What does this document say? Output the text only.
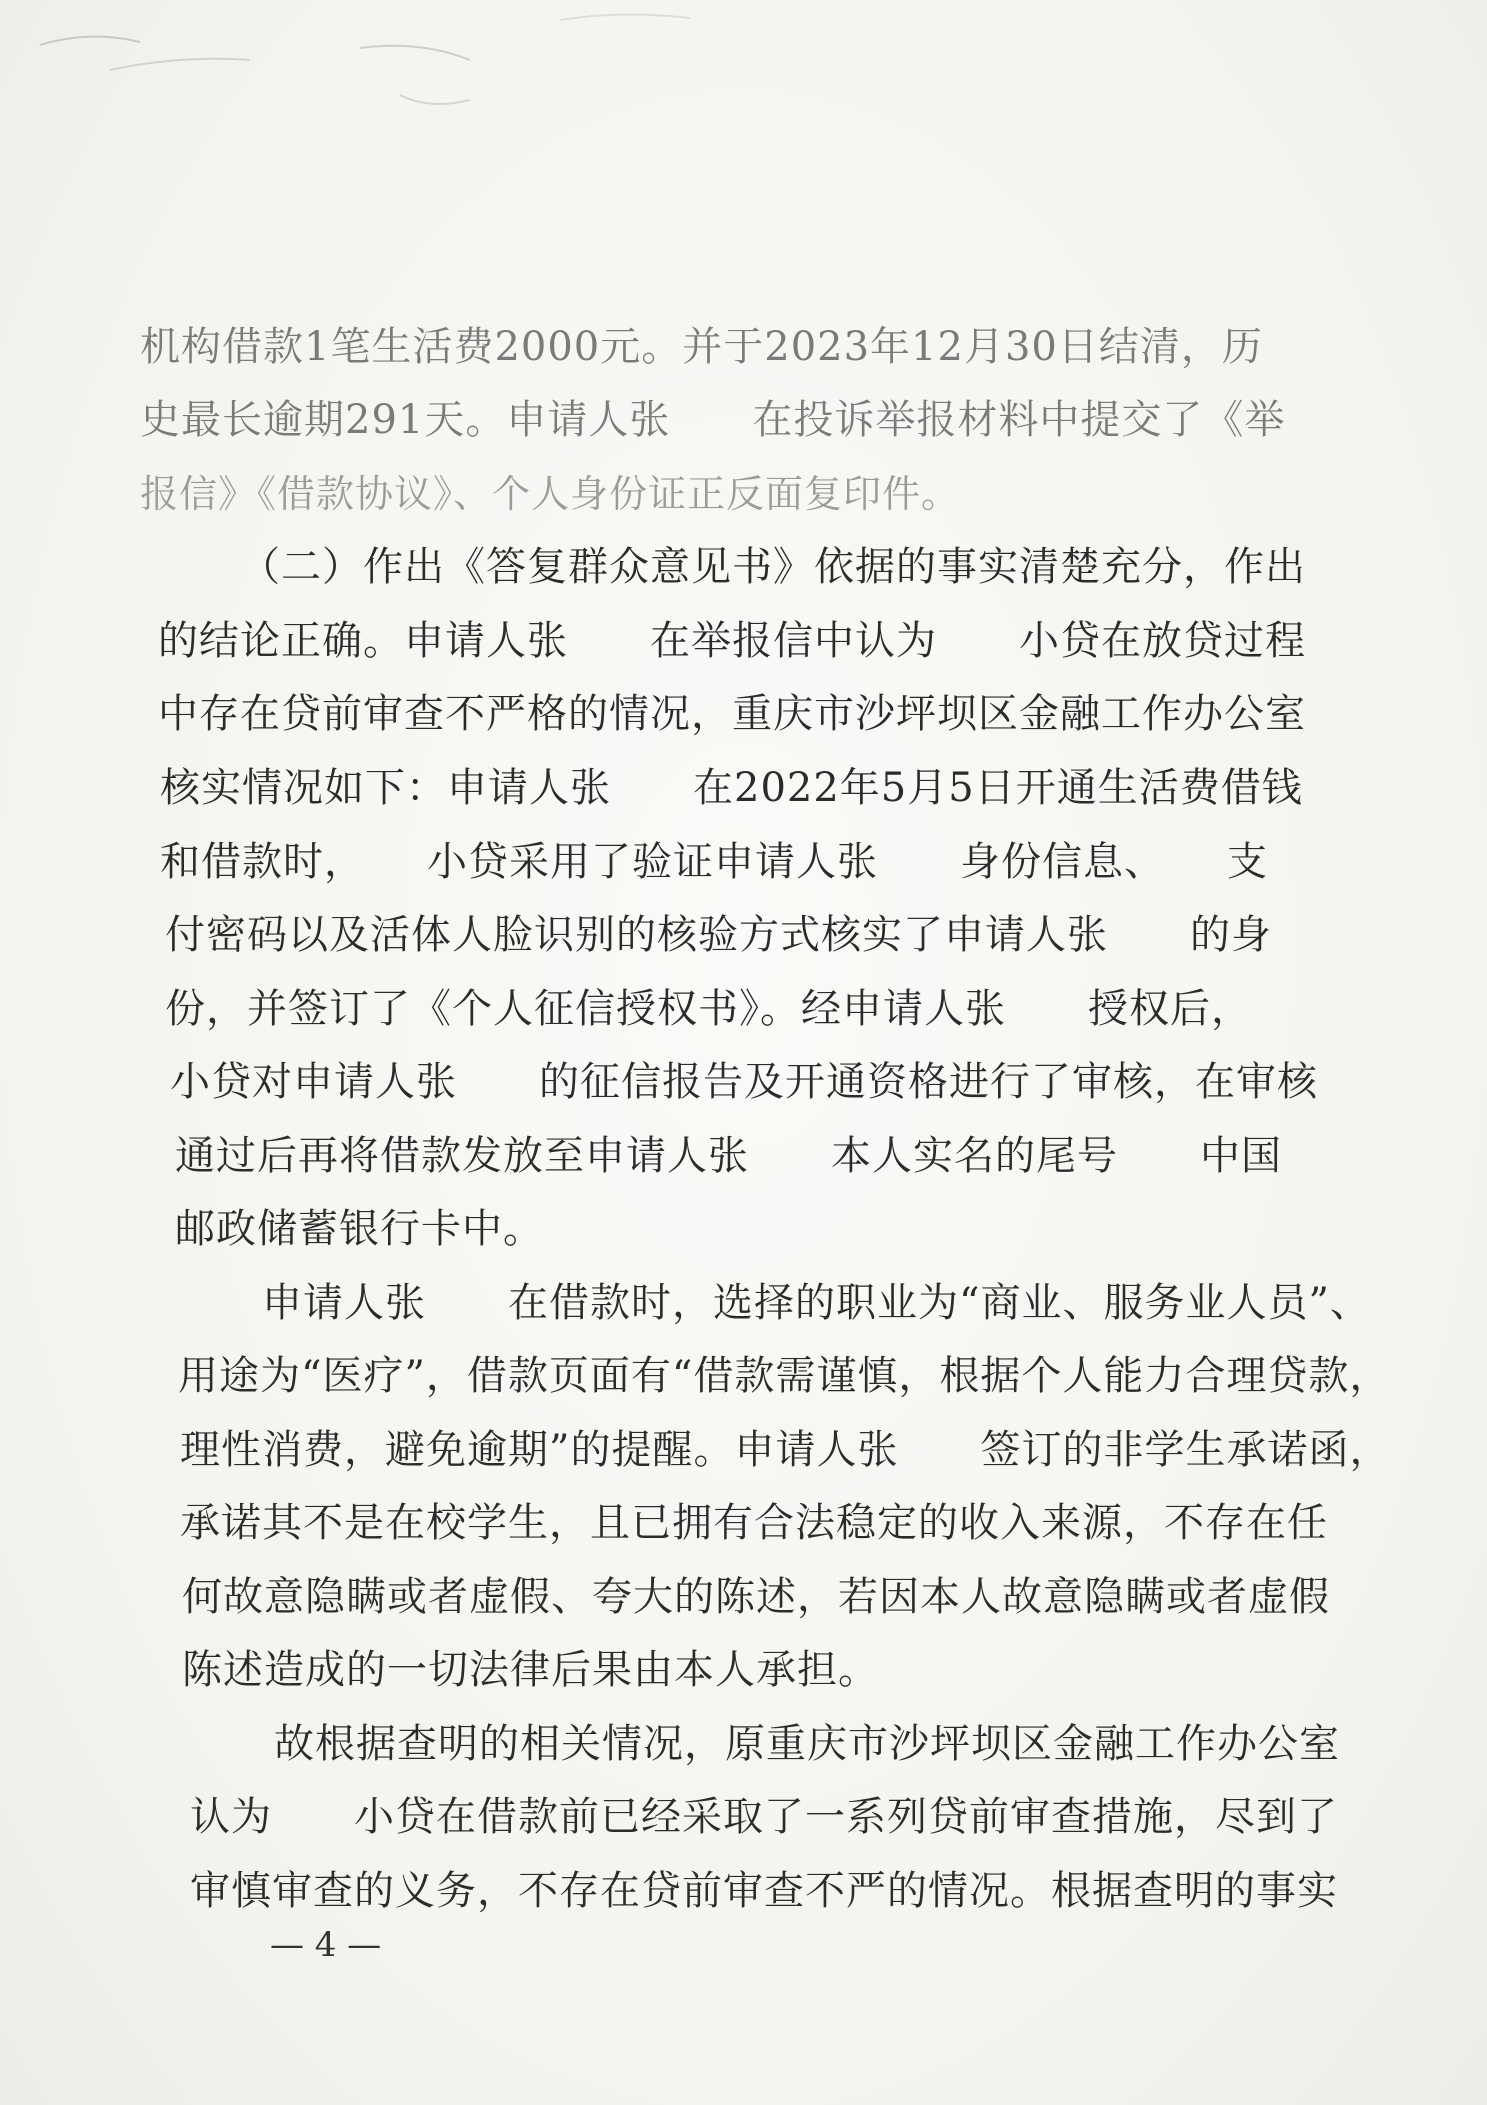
机构借款1笔生活费2000元。并于2023年12月30日结清，历
史最长逾期291天。申请人张　　在投诉举报材料中提交了《举
报信》《借款协议》、个人身份证正反面复印件。
（二）作出《答复群众意见书》依据的事实清楚充分，作出
的结论正确。申请人张　　在举报信中认为　　小贷在放贷过程
中存在贷前审查不严格的情况，重庆市沙坪坝区金融工作办公室
核实情况如下：申请人张　　在2022年5月5日开通生活费借钱
和借款时，　　小贷采用了验证申请人张　　身份信息、　　支
付密码以及活体人脸识别的核验方式核实了申请人张　　的身
份，并签订了《个人征信授权书》。经申请人张　　授权后，
小贷对申请人张　　的征信报告及开通资格进行了审核，在审核
通过后再将借款发放至申请人张　　本人实名的尾号　　中国
邮政储蓄银行卡中。
申请人张　　在借款时，选择的职业为“商业、服务业人员”、
用途为“医疗”，借款页面有“借款需谨慎，根据个人能力合理贷款，
理性消费，避免逾期”的提醒。申请人张　　签订的非学生承诺函，
承诺其不是在校学生，且已拥有合法稳定的收入来源，不存在任
何故意隐瞒或者虚假、夸大的陈述，若因本人故意隐瞒或者虚假
陈述造成的一切法律后果由本人承担。
故根据查明的相关情况，原重庆市沙坪坝区金融工作办公室
认为　　小贷在借款前已经采取了一系列贷前审查措施，尽到了
审慎审查的义务，不存在贷前审查不严的情况。根据查明的事实
— 4 —
